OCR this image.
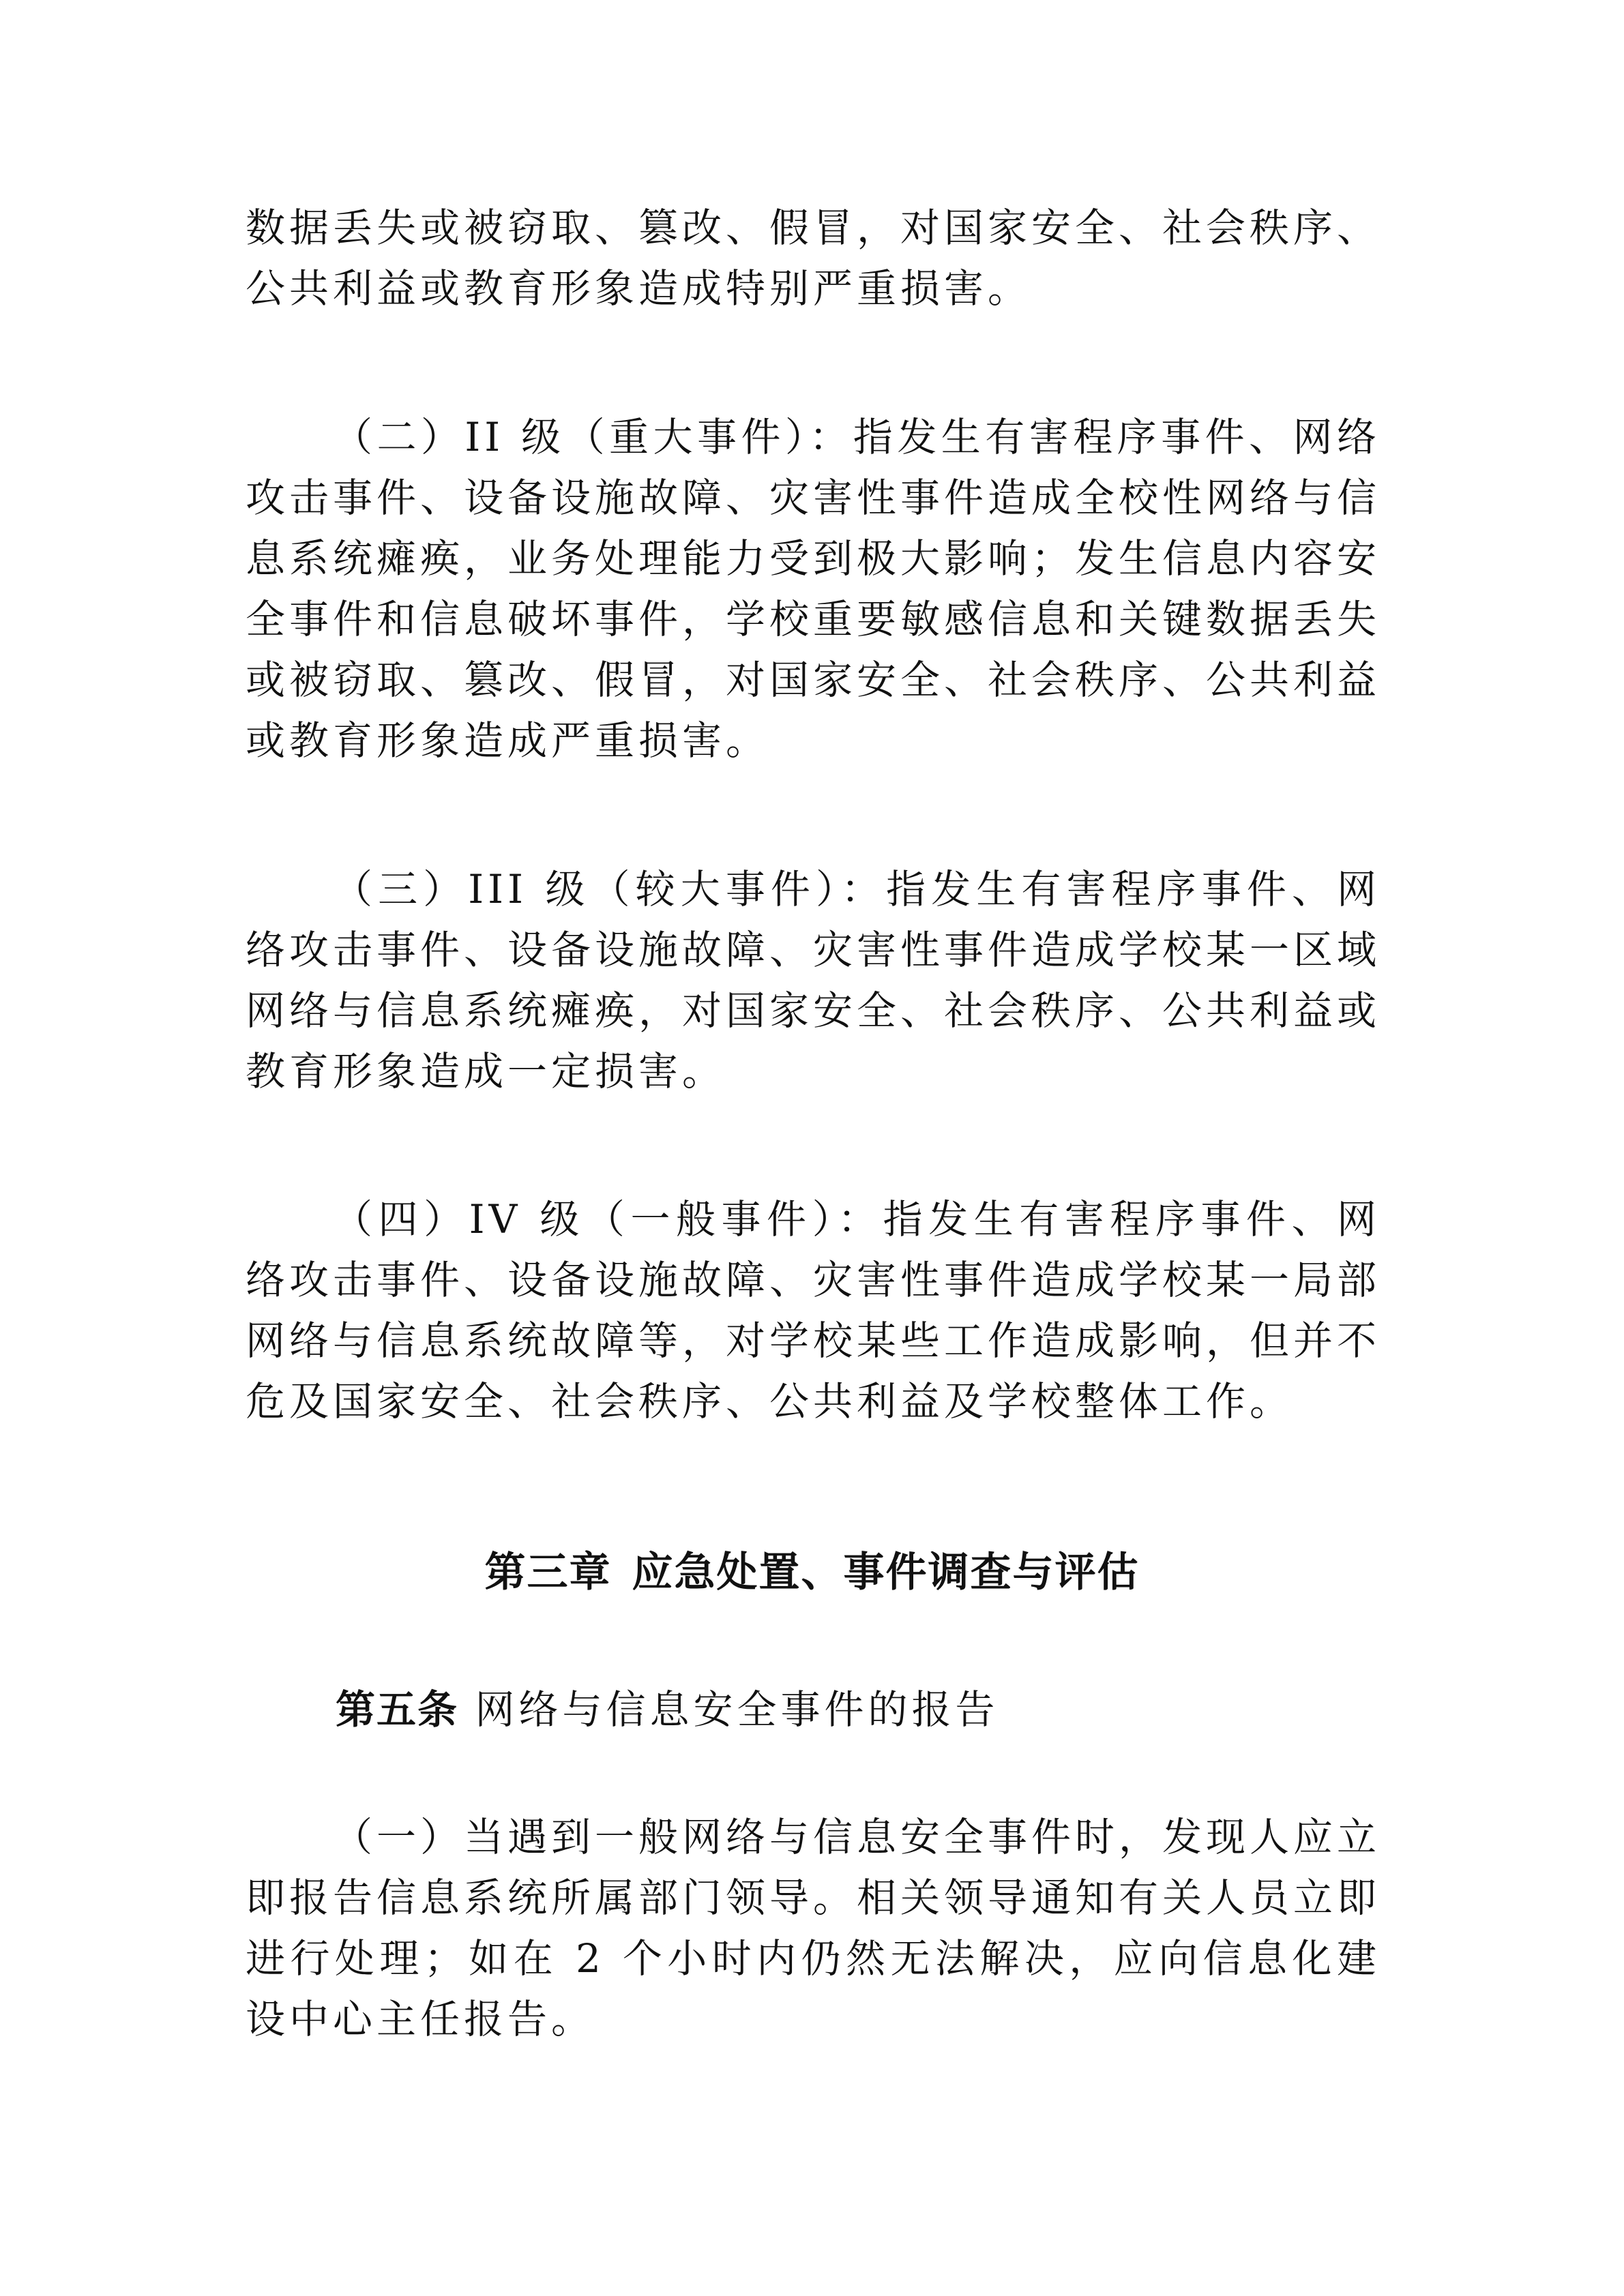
数据丢失或被窃取、篡改、假冒，对国家安全、社会秩序、公共利益或教育形象造成特别严重损害。

（二）II 级（重大事件）：指发生有害程序事件、网络攻击事件、设备设施故障、灾害性事件造成全校性网络与信息系统瘫痪，业务处理能力受到极大影响；发生信息内容安全事件和信息破坏事件，学校重要敏感信息和关键数据丢失或被窃取、篡改、假冒，对国家安全、社会秩序、公共利益或教育形象造成严重损害。

（三）III 级（较大事件）：指发生有害程序事件、网络攻击事件、设备设施故障、灾害性事件造成学校某一区域网络与信息系统瘫痪，对国家安全、社会秩序、公共利益或教育形象造成一定损害。

（四）IV 级（一般事件）：指发生有害程序事件、网络攻击事件、设备设施故障、灾害性事件造成学校某一局部网络与信息系统故障等，对学校某些工作造成影响，但并不危及国家安全、社会秩序、公共利益及学校整体工作。

第三章 应急处置、事件调查与评估

第五条 网络与信息安全事件的报告

（一）当遇到一般网络与信息安全事件时，发现人应立即报告信息系统所属部门领导。相关领导通知有关人员立即进行处理；如在 2 个小时内仍然无法解决，应向信息化建设中心主任报告。
